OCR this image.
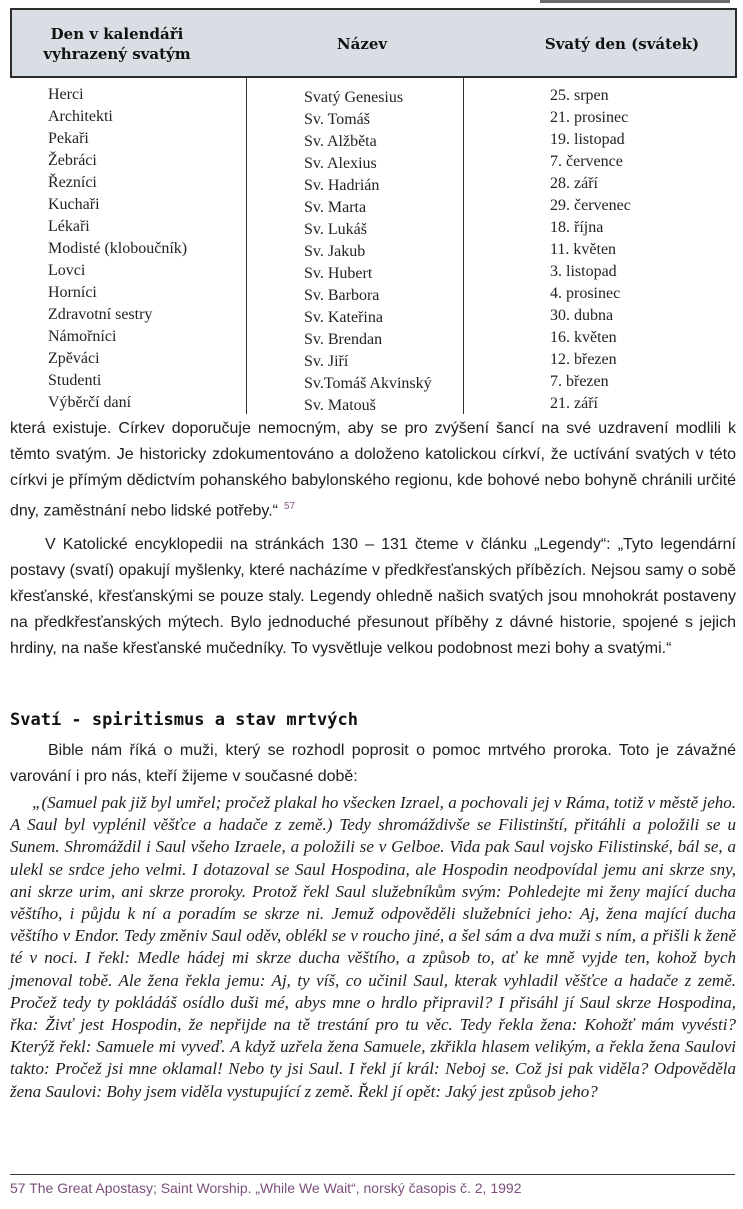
Den v kalendáři
vyhrazený svatým
Název	Svatý den (svátek)
Herci
Architekti
Pekaři
Žebráci
Řezníci
Kuchaři
Lékaři
Modisté (kloboučník)
Lovci
Horníci
Zdravotní sestry
Námořníci
Zpěváci
Studenti
Výběrčí daní
Svatý Genesius
Sv. Tomáš
Sv. Alžběta
Sv. Alexius
Sv. Hadrián
Sv. Marta
Sv. Lukáš
Sv. Jakub
Sv. Hubert
Sv. Barbora
Sv. Kateřina
Sv. Brendan
Sv. Jiří
Sv.Tomáš Akvinský
Sv. Matouš
25. srpen
21. prosinec
19. listopad
7. července
28. září
29. červenec
18. října
11. květen
3. listopad
4. prosinec
30. dubna
16. květen
12. březen
7. březen
21. září

která existuje. Církev doporučuje nemocným, aby se pro zvýšení šancí na své uzdravení modlili k těmto svatým. Je historicky zdokumentováno a doloženo katolickou církví, že uctívání svatých v této církvi je přímým dědictvím pohanského babylonského regionu, kde bohové nebo bohyně chránili určité dny, zaměstnání nebo lidské potřeby.“ $^{57}$

V Katolické encyklopedii na stránkách 130 – 131 čteme v článku „Legendy“: „Tyto legendární postavy (svatí) opakují myšlenky, které nacházíme v předkřesťanských příbězích. Nejsou samy o sobě křesťanské, křesťanskými se pouze staly. Legendy ohledně našich svatých jsou mnohokrát postaveny na předkřesťanských mýtech. Bylo jednoduché přesunout příběhy z dávné historie, spojené s jejich hrdiny, na naše křesťanské mučedníky. To vysvětluje velkou podobnost mezi bohy a svatými.“

Svatí - spiritismus a stav mrtvých

Bible nám říká o muži, který se rozhodl poprosit o pomoc mrtvého proroka. Toto je závažné varování i pro nás, kteří žijeme v současné době:

„(Samuel pak již byl umřel; pročež plakal ho všecken Izrael, a pochovali jej v Ráma, totiž v městě jeho. A Saul byl vyplénil věšťce a hadače z země.) Tedy shromáždivše se Filistinští, přitáhli a položili se u Sunem. Shromáždil i Saul všeho Izraele, a položili se v Gelboe. Vida pak Saul vojsko Filistinské, bál se, a ulekl se srdce jeho velmi. I dotazoval se Saul Hospodina, ale Hospodin neodpovídal jemu ani skrze sny, ani skrze urim, ani skrze proroky. Protož řekl Saul služebníkům svým: Pohledejte mi ženy mající ducha věštího, i půjdu k ní a poradím se skrze ni. Jemuž odpověděli služebníci jeho: Aj, žena mající ducha věštího v Endor. Tedy změniv Saul oděv, oblékl se v roucho jiné, a šel sám a dva muži s ním, a přišli k ženě té v noci. I řekl: Medle hádej mi skrze ducha věštího, a způsob to, ať ke mně vyjde ten, kohož bych jmenoval tobě. Ale žena řekla jemu: Aj, ty víš, co učinil Saul, kterak vyhladil věšťce a hadače z země. Pročež tedy ty pokládáš osídlo duši mé, abys mne o hrdlo připravil? I přisáhl jí Saul skrze Hospodina, řka: Živť jest Hospodin, že nepřijde na tě trestání pro tu věc. Tedy řekla žena: Kohožť mám vyvésti? Kterýž řekl: Samuele mi vyveď. A když uzřela žena Samuele, zkřikla hlasem velikým, a řekla žena Saulovi takto: Pročež jsi mne oklamal! Nebo ty jsi Saul. I řekl jí král: Neboj se. Což jsi pak viděla? Odpověděla žena Saulovi: Bohy jsem viděla vystupující z země. Řekl jí opět: Jaký jest způsob jeho?

57 The Great Apostasy; Saint Worship. „While We Wait“, norský časopis č. 2, 1992
